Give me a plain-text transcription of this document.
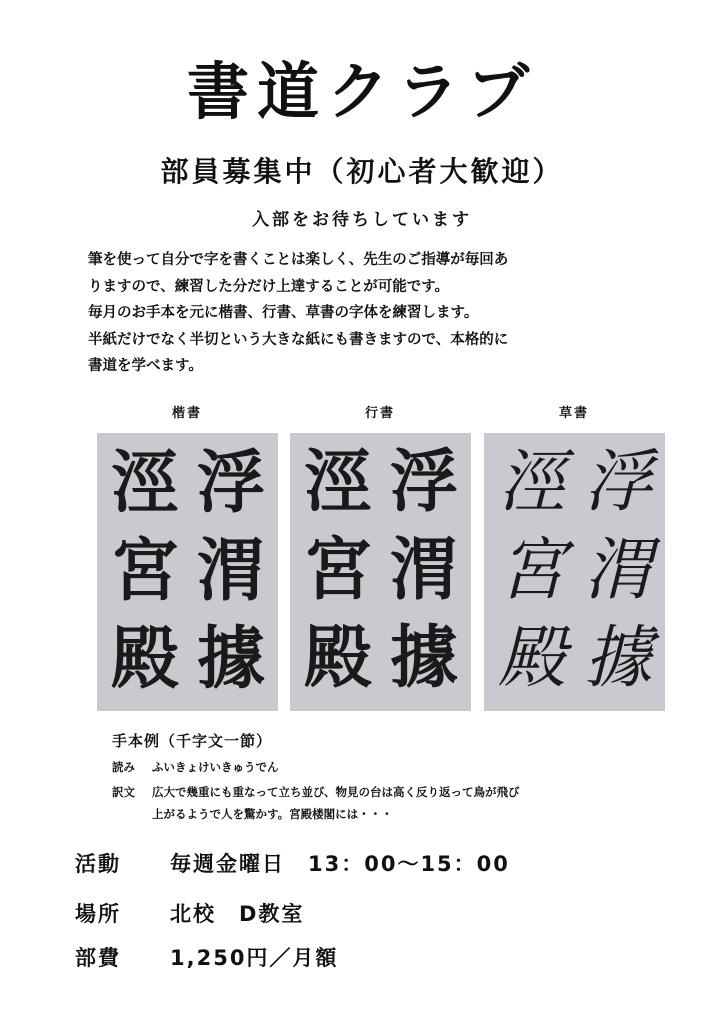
書道クラブ
部員募集中（初心者大歓迎）
入部をお待ちしています

筆を使って自分で字を書くことは楽しく、先生のご指導が毎回あ

りますので、練習した分だけ上達することが可能です。

毎月のお手本を元に楷書、行書、草書の字体を練習します。

半紙だけでなく半切という大きな紙にも書きますので、本格的に

書道を学べます。

楷書	行書	草書
浮
渭
據
涇
宮
殿
浮
渭
據
涇
宮
殿
浮
渭
據
涇
宮
殿
手本例（千字文一節）
読み ふいきょけいきゅうでん
訳文 広大で幾重にも重なって立ち並び、物見の台は高く反り返って鳥が飛び
上がるようで人を驚かす。宮殿楼閣には・・・
活動 毎週金曜日　13：00〜15：00
場所 北校　D教室
部費 1,250円／月額
